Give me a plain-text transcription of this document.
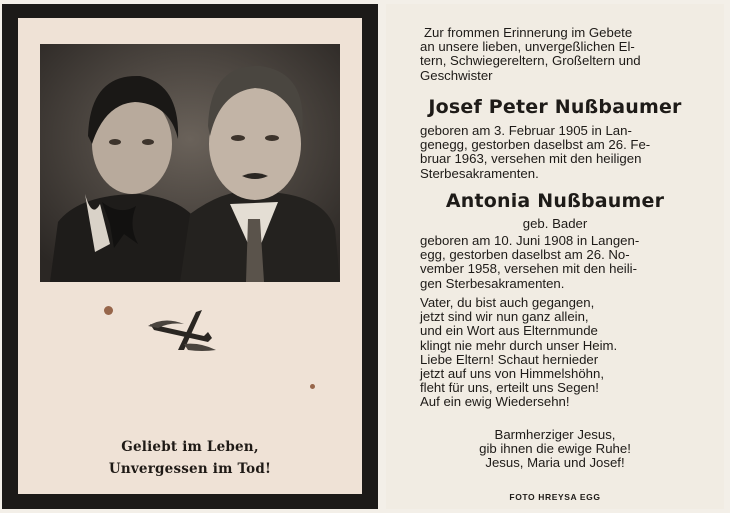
Geliebt im Leben,
Unvergessen im Tod!
Zur frommen Erinnerung im Gebete
an unsere lieben, unvergeßlichen El-
tern, Schwiegereltern, Großeltern und
Geschwister
Josef Peter Nußbaumer
geboren am 3. Februar 1905 in Lan-
genegg, gestorben daselbst am 26. Fe-
bruar 1963, versehen mit den heiligen
Sterbesakramenten.
Antonia Nußbaumer
geb. Bader
geboren am 10. Juni 1908 in Langen-
egg, gestorben daselbst am 26. No-
vember 1958, versehen mit den heili-
gen Sterbesakramenten.
Vater, du bist auch gegangen,
jetzt sind wir nun ganz allein,
und ein Wort aus Elternmunde
klingt nie mehr durch unser Heim.
Liebe Eltern! Schaut hernieder
jetzt auf uns von Himmelshöhn,
fleht für uns, erteilt uns Segen!
Auf ein ewig Wiedersehn!
Barmherziger Jesus,
gib ihnen die ewige Ruhe!
Jesus, Maria und Josef!
FOTO HREYSA EGG
